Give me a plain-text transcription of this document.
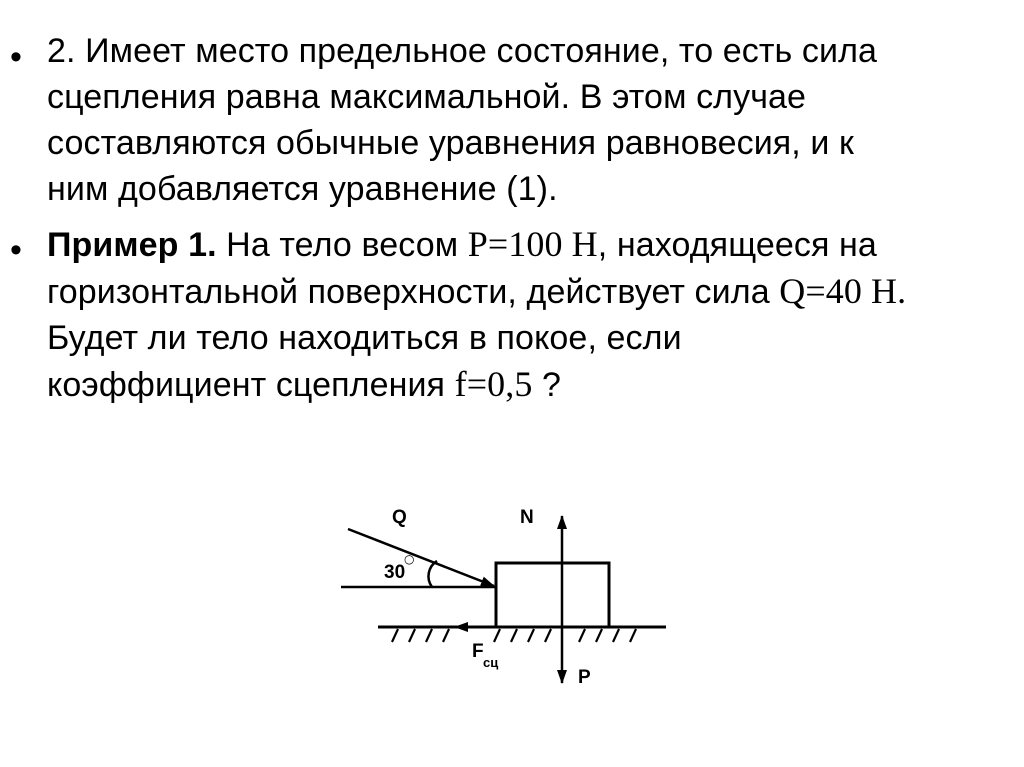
• 2. Имеет место предельное состояние, то есть сила
сцепления равна максимальной. В этом случае
составляются обычные уравнения равновесия, и к
ним добавляется уравнение (1).
• Пример 1. На тело весом P=100 Н, находящееся на
горизонтальной поверхности, действует сила Q=40 Н.
Будет ли тело находиться в покое, если
коэффициент сцепления f=0,5 ?
Q	N
30
○
F
сц
P
